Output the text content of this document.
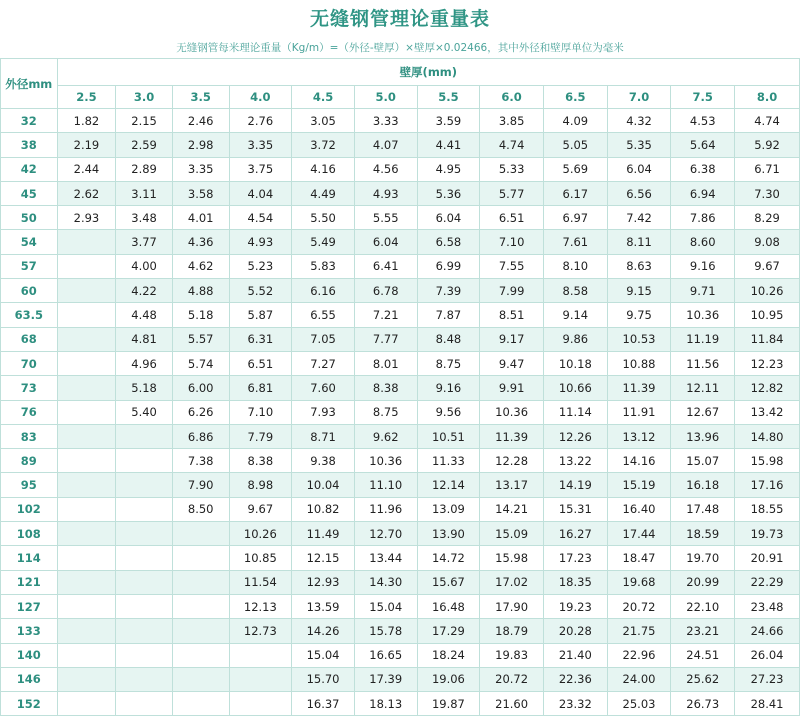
无缝钢管理论重量表
无缝钢管每米理论重量（Kg/m）=（外径-壁厚）×壁厚×0.02466，其中外径和壁厚单位为毫米
外径mm	壁厚(mm)											
	2.5	3.0	3.5	4.0	4.5	5.0	5.5	6.0	6.5	7.0	7.5	8.0
32	1.82	2.15	2.46	2.76	3.05	3.33	3.59	3.85	4.09	4.32	4.53	4.74
38	2.19	2.59	2.98	3.35	3.72	4.07	4.41	4.74	5.05	5.35	5.64	5.92
42	2.44	2.89	3.35	3.75	4.16	4.56	4.95	5.33	5.69	6.04	6.38	6.71
45	2.62	3.11	3.58	4.04	4.49	4.93	5.36	5.77	6.17	6.56	6.94	7.30
50	2.93	3.48	4.01	4.54	5.50	5.55	6.04	6.51	6.97	7.42	7.86	8.29
54		3.77	4.36	4.93	5.49	6.04	6.58	7.10	7.61	8.11	8.60	9.08
57		4.00	4.62	5.23	5.83	6.41	6.99	7.55	8.10	8.63	9.16	9.67
60		4.22	4.88	5.52	6.16	6.78	7.39	7.99	8.58	9.15	9.71	10.26
63.5		4.48	5.18	5.87	6.55	7.21	7.87	8.51	9.14	9.75	10.36	10.95
68		4.81	5.57	6.31	7.05	7.77	8.48	9.17	9.86	10.53	11.19	11.84
70		4.96	5.74	6.51	7.27	8.01	8.75	9.47	10.18	10.88	11.56	12.23
73		5.18	6.00	6.81	7.60	8.38	9.16	9.91	10.66	11.39	12.11	12.82
76		5.40	6.26	7.10	7.93	8.75	9.56	10.36	11.14	11.91	12.67	13.42
83			6.86	7.79	8.71	9.62	10.51	11.39	12.26	13.12	13.96	14.80
89			7.38	8.38	9.38	10.36	11.33	12.28	13.22	14.16	15.07	15.98
95			7.90	8.98	10.04	11.10	12.14	13.17	14.19	15.19	16.18	17.16
102			8.50	9.67	10.82	11.96	13.09	14.21	15.31	16.40	17.48	18.55
108				10.26	11.49	12.70	13.90	15.09	16.27	17.44	18.59	19.73
114				10.85	12.15	13.44	14.72	15.98	17.23	18.47	19.70	20.91
121				11.54	12.93	14.30	15.67	17.02	18.35	19.68	20.99	22.29
127				12.13	13.59	15.04	16.48	17.90	19.23	20.72	22.10	23.48
133				12.73	14.26	15.78	17.29	18.79	20.28	21.75	23.21	24.66
140					15.04	16.65	18.24	19.83	21.40	22.96	24.51	26.04
146					15.70	17.39	19.06	20.72	22.36	24.00	25.62	27.23
152					16.37	18.13	19.87	21.60	23.32	25.03	26.73	28.41
